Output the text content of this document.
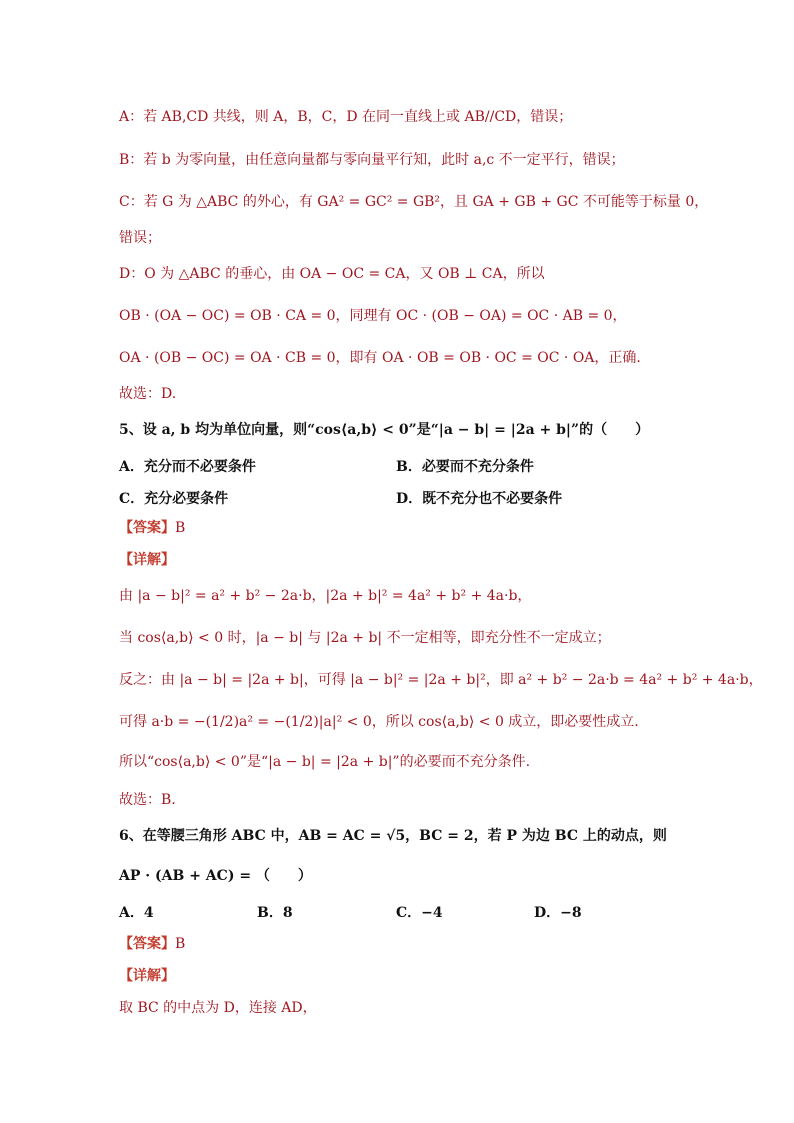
A：若 AB,CD 共线，则 A，B，C，D 在同一直线上或 AB//CD，错误；
B：若 b 为零向量，由任意向量都与零向量平行知，此时 a,c 不一定平行，错误；
C：若 G 为 △ABC 的外心，有 GA² = GC² = GB²，且 GA + GB + GC 不可能等于标量 0，
错误；
D：O 为 △ABC 的垂心，由 OA − OC = CA，又 OB ⊥ CA，所以
OB · (OA − OC) = OB · CA = 0，同理有 OC · (OB − OA) = OC · AB = 0，
OA · (OB − OC) = OA · CB = 0，即有 OA · OB = OB · OC = OC · OA，正确.
故选：D.
5、设 a, b 均为单位向量，则“cos⟨a,b⟩ < 0”是“|a − b| = |2a + b|”的（　　）
A．充分而不必要条件	B．必要而不充分条件
C．充分必要条件	D．既不充分也不必要条件
【答案】B
【详解】
由 |a − b|² = a² + b² − 2a·b，|2a + b|² = 4a² + b² + 4a·b，
当 cos⟨a,b⟩ < 0 时，|a − b| 与 |2a + b| 不一定相等，即充分性不一定成立；
反之：由 |a − b| = |2a + b|，可得 |a − b|² = |2a + b|²，即 a² + b² − 2a·b = 4a² + b² + 4a·b，
可得 a·b = −(1/2)a² = −(1/2)|a|² < 0，所以 cos⟨a,b⟩ < 0 成立，即必要性成立.
所以“cos⟨a,b⟩ < 0”是“|a − b| = |2a + b|”的必要而不充分条件.
故选：B.
6、在等腰三角形 ABC 中，AB = AC = √5，BC = 2，若 P 为边 BC 上的动点，则
AP · (AB + AC) = （　　）
A．4	B．8	C．−4	D．−8
【答案】B
【详解】
取 BC 的中点为 D，连接 AD，
